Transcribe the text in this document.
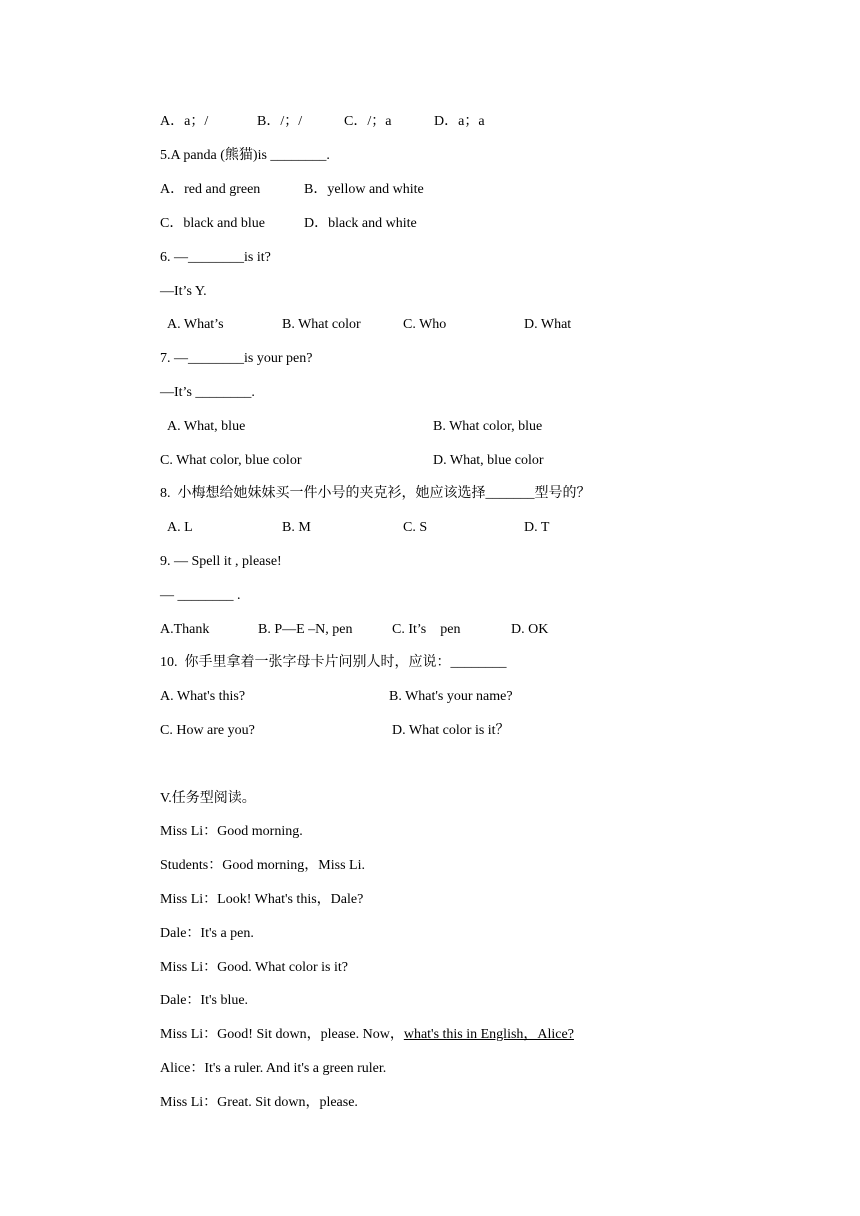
A．a；/	B．/；/	C．/；a	D．a；a
5.A panda (熊猫)is ________.
A．red and green	B．yellow and white
C．black and blue	D．black and white
6. —________is it?
—It’s Y.
A. What’s	B. What color	C. Who	D. What
7. —________is your pen?
—It’s ________.
A. What, blue	B. What color, blue
C. What color, blue color	D. What, blue color
8.  小梅想给她妹妹买一件小号的夹克衫，她应该选择_______型号的？
A. L	B. M	C. S	D. T
9. — Spell it , please!
— ________ .
A.Thank	B. P—E –N, pen	C. It’s    pen	D. OK
10.  你手里拿着一张字母卡片问别人时，应说：________
A. What's this?	B. What's your name?
C. How are you?	D. What color is it？
V.任务型阅读。
Miss Li：Good morning.
Students：Good morning，Miss Li.
Miss Li：Look! What's this，Dale?
Dale：It's a pen.
Miss Li：Good. What color is it?
Dale：It's blue.
Miss Li：Good! Sit down，please. Now，what's this in English，Alice?
Alice：It's a ruler. And it's a green ruler.
Miss Li：Great. Sit down，please.
